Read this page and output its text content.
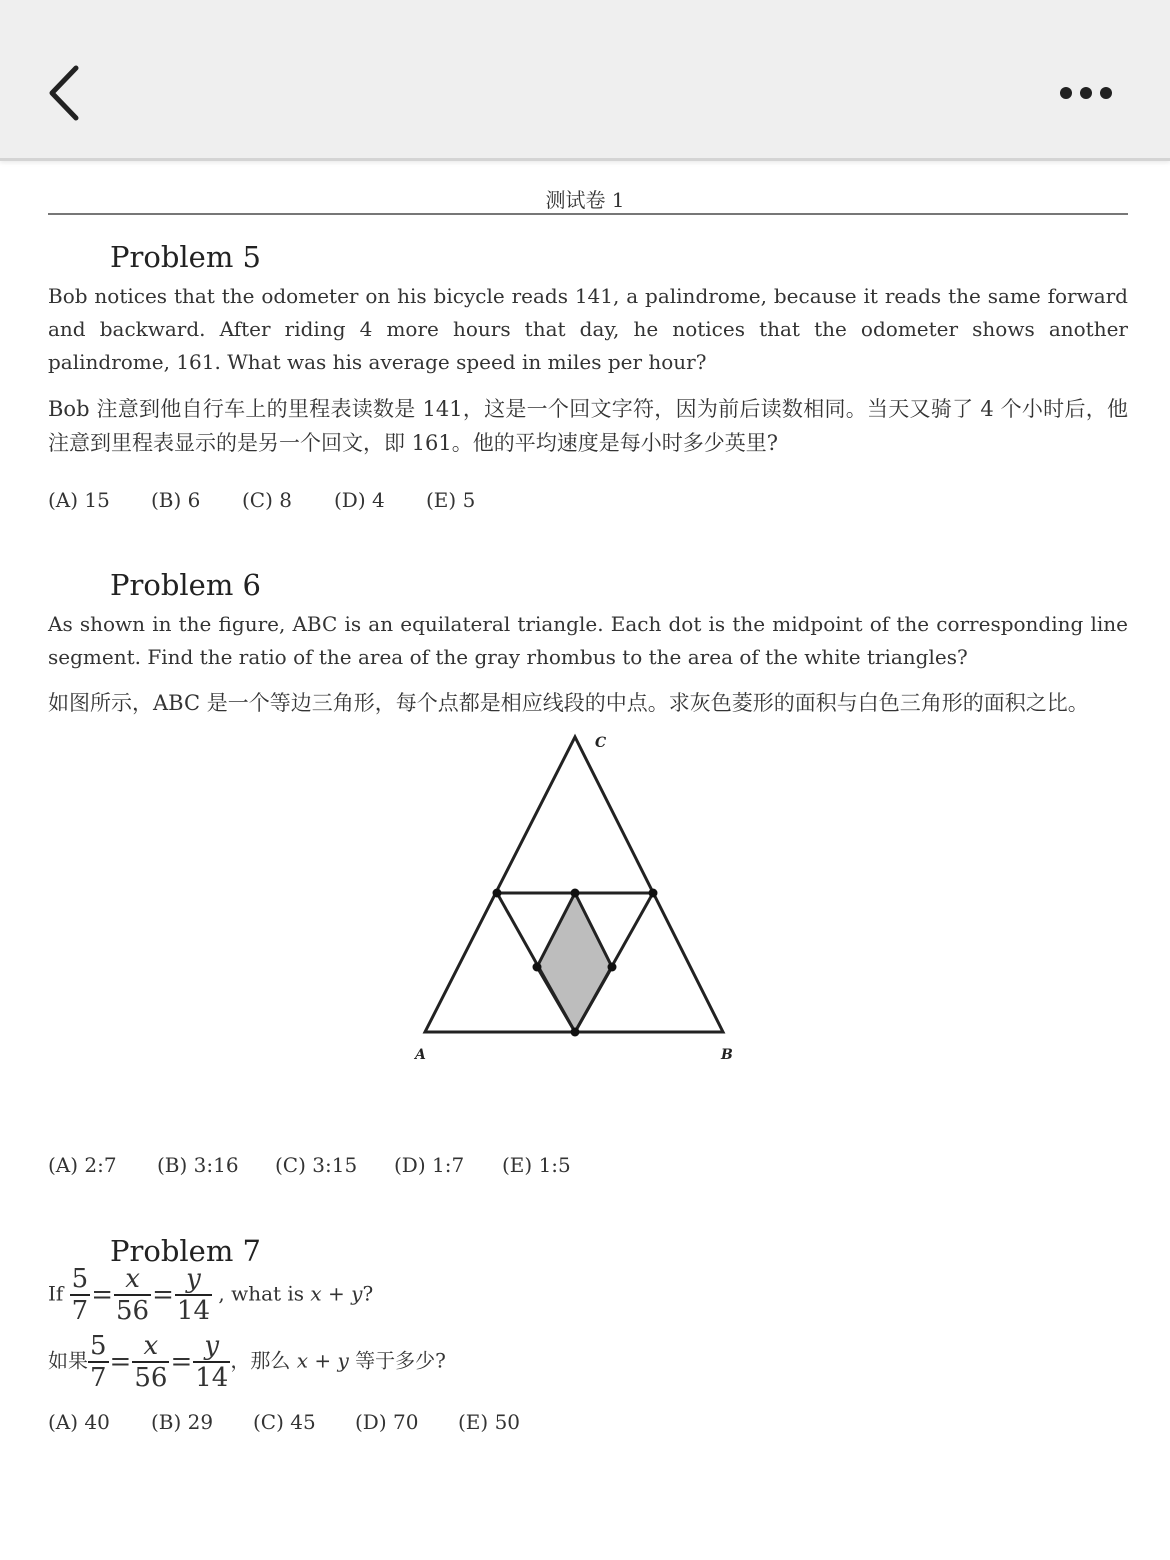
测试卷 1
Problem 5
Bob notices that the odometer on his bicycle reads 141, a palindrome, because it reads the same forward and backward. After riding 4 more hours that day, he notices that the odometer shows another palindrome, 161. What was his average speed in miles per hour?
Bob 注意到他自行车上的里程表读数是 141，这是一个回文字符，因为前后读数相同。当天又骑了 4 个小时后，他注意到里程表显示的是另一个回文，即 161。他的平均速度是每小时多少英里?
(A) 15	(B) 6	(C) 8	(D) 4	(E) 5
Problem 6
As shown in the figure, ABC is an equilateral triangle. Each dot is the midpoint of the corresponding line segment. Find the ratio of the area of the gray rhombus to the area of the white triangles?
如图所示，ABC 是一个等边三角形，每个点都是相应线段的中点。求灰色菱形的面积与白色三角形的面积之比。
C
A	B
(A) 2:7	(B) 3:16	(C) 3:15	(D) 1:7	(E) 1:5
Problem 7
If $\frac{5}{7} = \frac{x}{56} = \frac{y}{14}$ , what is x + y?
如果 $\frac{5}{7} = \frac{x}{56} = \frac{y}{14}$ ，那么 x + y 等于多少?
(A) 40	(B) 29	(C) 45	(D) 70	(E) 50
